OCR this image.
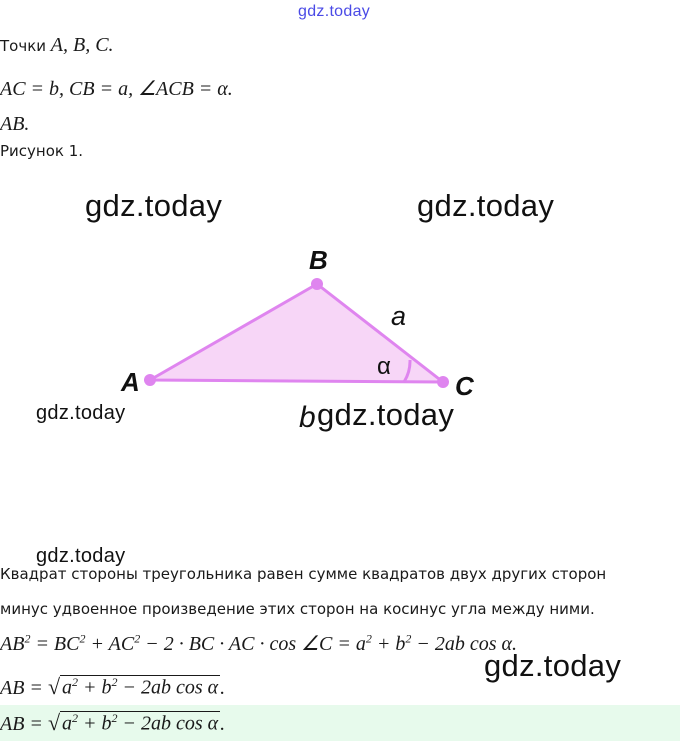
gdz.today
Точки A, B, C.
AC = b, CB = a, ∠ACB = α.
AB.
Рисунок 1.
A
B
C
a
b
α
gdz.today	gdz.today
gdz.today	gdz.today
gdz.today
Квадрат стороны треугольника равен сумме квадратов двух других сторон
минус удвоенное произведение этих сторон на косинус угла между ними.
$AB^2 = BC^2 + AC^2 - 2$ · BC · AC · cos ∠C = $a^2 + b^2 - 2ab$ cos α.
gdz.today
AB = √ $a^2 + b^2 - 2ab$ cos α .
AB = √ $a^2 + b^2 - 2ab$ cos α .
